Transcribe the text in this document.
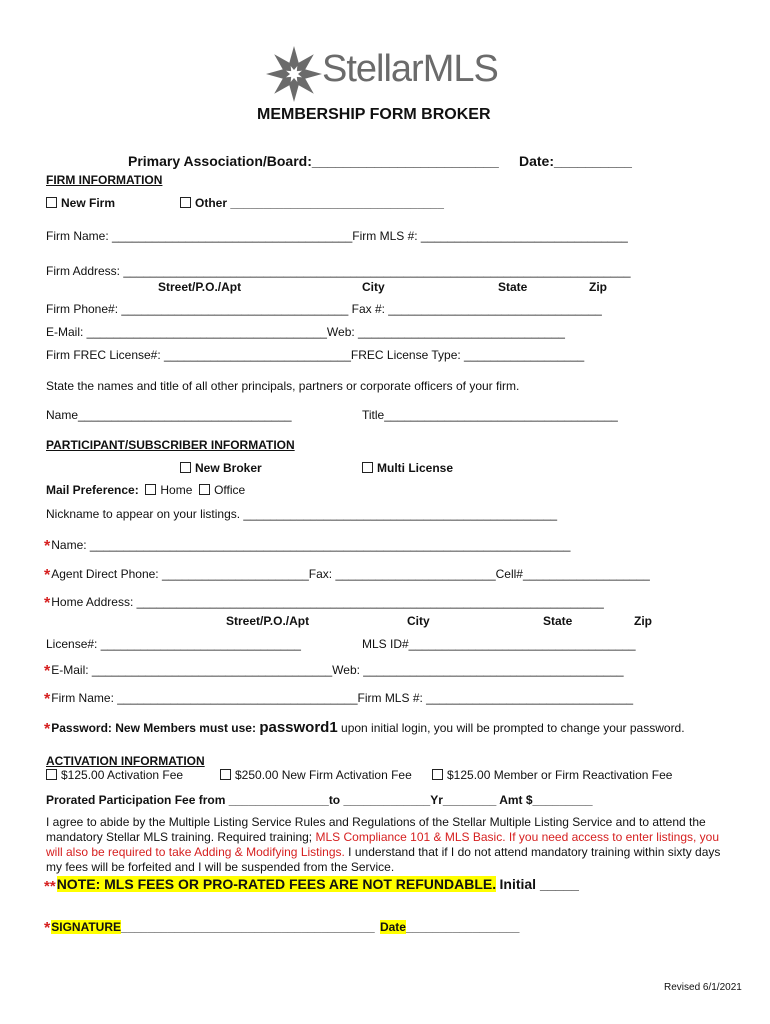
StellarMLS
MEMBERSHIP FORM BROKER
Primary Association/Board:________________________ Date:__________
FIRM INFORMATION
New Firm	Other ________________________________
Firm Name: ____________________________________Firm MLS #: _______________________________
Firm Address: ____________________________________________________________________________
Street/P.O./Apt	City	State	Zip
Firm Phone#: __________________________________ Fax #: ________________________________
E-Mail: ____________________________________Web: _______________________________
Firm FREC License#: ____________________________FREC License Type: __________________
State the names and title of all other principals, partners or corporate officers of your firm.
Name________________________________	Title___________________________________
PARTICIPANT/SUBSCRIBER INFORMATION
New Broker	Multi License
Mail Preference: Home Office
Nickname to appear on your listings. _______________________________________________
*Name: ________________________________________________________________________
*Agent Direct Phone: ______________________Fax: ________________________Cell#___________________
*Home Address: ______________________________________________________________________
Street/P.O./Apt	City	State	Zip
License#: ______________________________	MLS ID#__________________________________
*E-Mail: ____________________________________Web: _______________________________________
*Firm Name: ____________________________________Firm MLS #: _______________________________
*Password: New Members must use: password1 upon initial login, you will be prompted to change your password.
ACTIVATION INFORMATION
$125.00 Activation Fee	$250.00 New Firm Activation Fee	$125.00 Member or Firm Reactivation Fee
Prorated Participation Fee from _______________to _____________Yr________ Amt $_________
I agree to abide by the Multiple Listing Service Rules and Regulations of the Stellar Multiple Listing Service and to attend the mandatory Stellar MLS training. Required training; MLS Compliance 101 & MLS Basic. If you need access to enter listings, you will also be required to take Adding & Modifying Listings. I understand that if I do not attend mandatory training within sixty days my fees will be forfeited and I will be suspended from the Service.
**NOTE: MLS FEES OR PRO-RATED FEES ARE NOT REFUNDABLE. Initial _____
*SIGNATURE______________________________________ Date_________________
Revised 6/1/2021
